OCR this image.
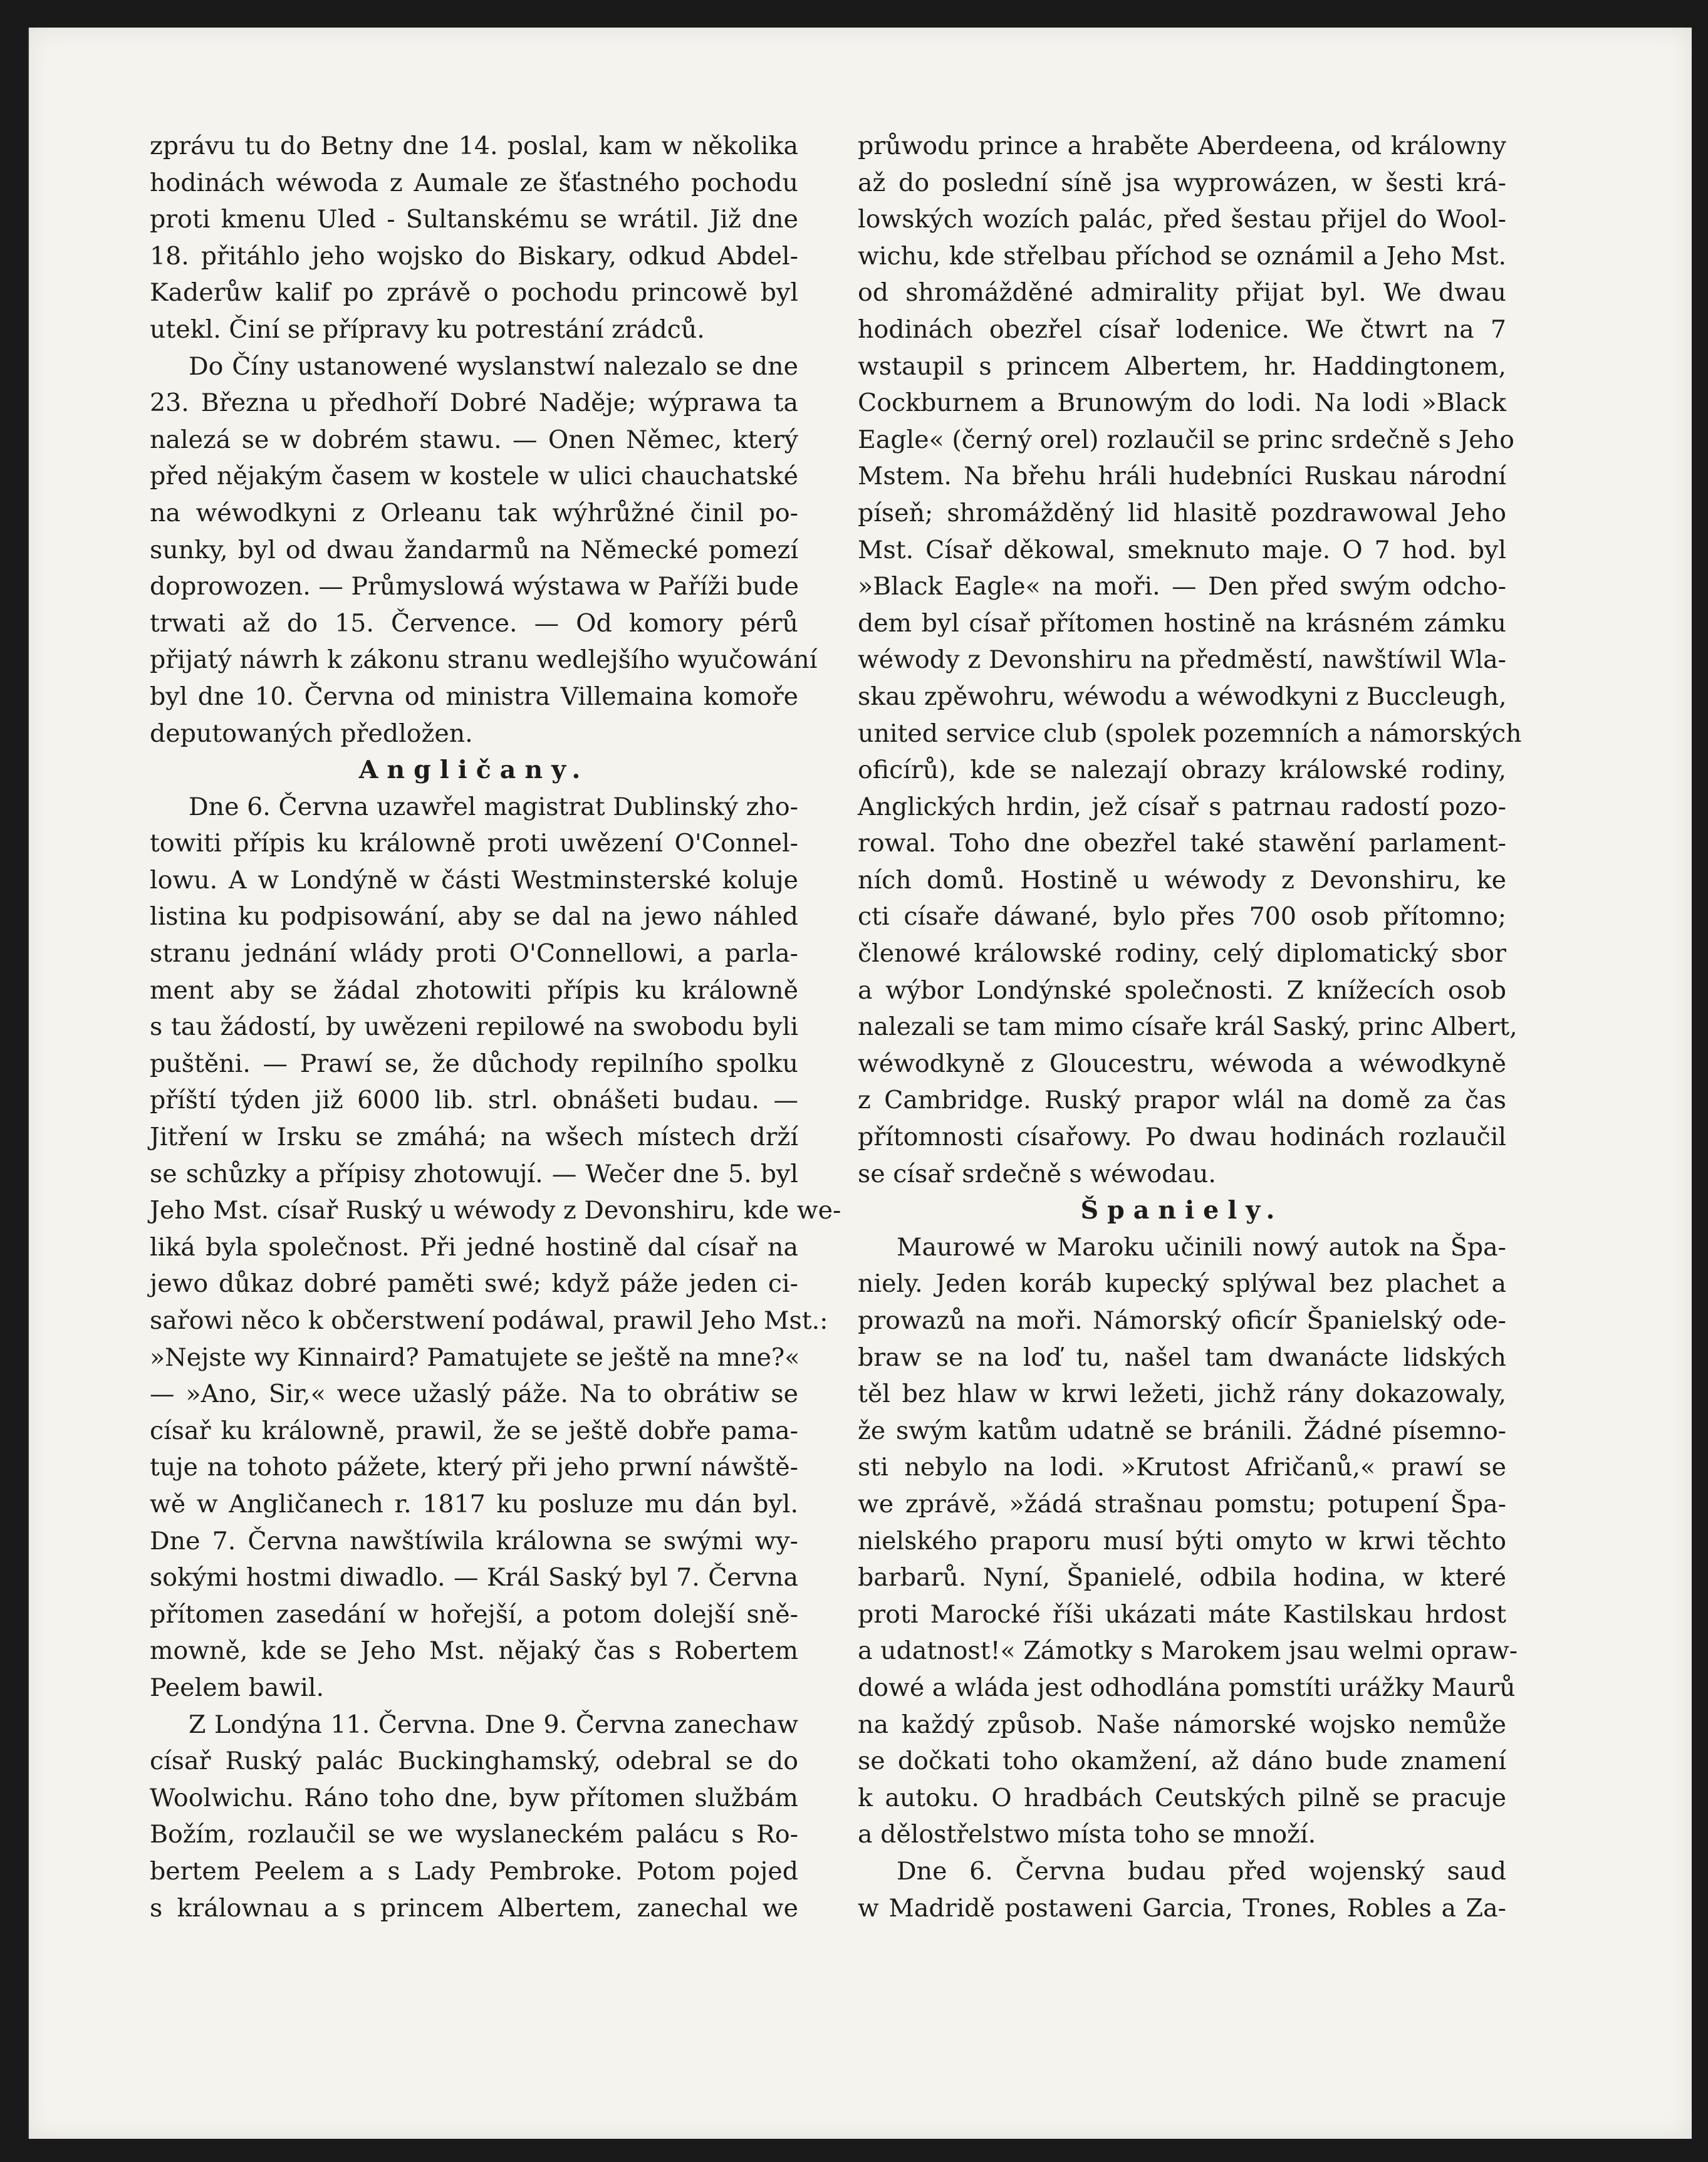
zprávu tu do Betny dne 14. poslal, kam w několika
hodinách wéwoda z Aumale ze šťastného pochodu
proti kmenu Uled - Sultanskému se wrátil. Již dne
18. přitáhlo jeho wojsko do Biskary, odkud Abdel-
Kaderůw kalif po zprávě o pochodu princowě byl
utekl. Činí se přípravy ku potrestání zrádců.
Do Číny ustanowené wyslanstwí nalezalo se dne
23. Března u předhoří Dobré Naděje; wýprawa ta
nalezá se w dobrém stawu. — Onen Němec, který
před nějakým časem w kostele w ulici chauchatské
na wéwodkyni z Orleanu tak wýhrůžné činil po-
sunky, byl od dwau žandarmů na Německé pomezí
doprowozen. — Průmyslowá wýstawa w Paříži bude
trwati až do 15. Července. — Od komory pérů
přijatý náwrh k zákonu stranu wedlejšího wyučowání
byl dne 10. Června od ministra Villemaina komoře
deputowaných předložen.
Angličany.
Dne 6. Června uzawřel magistrat Dublinský zho-
towiti přípis ku králowně proti uwězení O'Connel-
lowu. A w Londýně w části Westminsterské koluje
listina ku podpisowání, aby se dal na jewo náhled
stranu jednání wlády proti O'Connellowi, a parla-
ment aby se žádal zhotowiti přípis ku králowně
s tau žádostí, by uwězeni repilowé na swobodu byli
puštěni. — Prawí se, že důchody repilního spolku
příští týden již 6000 lib. strl. obnášeti budau. —
Jitření w Irsku se zmáhá; na wšech místech drží
se schůzky a přípisy zhotowují. — Wečer dne 5. byl
Jeho Mst. císař Ruský u wéwody z Devonshiru, kde we-
liká byla společnost. Při jedné hostině dal císař na
jewo důkaz dobré paměti swé; když páže jeden ci-
sařowi něco k občerstwení podáwal, prawil Jeho Mst.:
»Nejste wy Kinnaird? Pamatujete se ještě na mne?«
— »Ano, Sir,« wece užaslý páže. Na to obrátiw se
císař ku králowně, prawil, že se ještě dobře pama-
tuje na tohoto pážete, který při jeho prwní náwště-
wě w Angličanech r. 1817 ku posluze mu dán byl.
Dne 7. Června nawštíwila králowna se swými wy-
sokými hostmi diwadlo. — Král Saský byl 7. Června
přítomen zasedání w hořejší, a potom dolejší sně-
mowně, kde se Jeho Mst. nějaký čas s Robertem
Peelem bawil.
Z Londýna 11. Června. Dne 9. Června zanechaw
císař Ruský palác Buckinghamský, odebral se do
Woolwichu. Ráno toho dne, byw přítomen službám
Božím, rozlaučil se we wyslaneckém palácu s Ro-
bertem Peelem a s Lady Pembroke. Potom pojed
s králownau a s princem Albertem, zanechal we
průwodu prince a hraběte Aberdeena, od králowny
až do poslední síně jsa wyprowázen, w šesti krá-
lowských wozích palác, před šestau přijel do Wool-
wichu, kde střelbau příchod se oznámil a Jeho Mst.
od shromážděné admirality přijat byl. We dwau
hodinách obezřel císař lodenice. We čtwrt na 7
wstaupil s princem Albertem, hr. Haddingtonem,
Cockburnem a Brunowým do lodi. Na lodi »Black
Eagle« (černý orel) rozlaučil se princ srdečně s Jeho
Mstem. Na břehu hráli hudebníci Ruskau národní
píseň; shromážděný lid hlasitě pozdrawowal Jeho
Mst. Císař děkowal, smeknuto maje. O 7 hod. byl
»Black Eagle« na moři. — Den před swým odcho-
dem byl císař přítomen hostině na krásném zámku
wéwody z Devonshiru na předměstí, nawštíwil Wla-
skau zpěwohru, wéwodu a wéwodkyni z Buccleugh,
united service club (spolek pozemních a námorských
oficírů), kde se nalezají obrazy králowské rodiny,
Anglických hrdin, jež císař s patrnau radostí pozo-
rowal. Toho dne obezřel také stawění parlament-
ních domů. Hostině u wéwody z Devonshiru, ke
cti císaře dáwané, bylo přes 700 osob přítomno;
členowé králowské rodiny, celý diplomatický sbor
a wýbor Londýnské společnosti. Z knížecích osob
nalezali se tam mimo císaře král Saský, princ Albert,
wéwodkyně z Gloucestru, wéwoda a wéwodkyně
z Cambridge. Ruský prapor wlál na domě za čas
přítomnosti císařowy. Po dwau hodinách rozlaučil
se císař srdečně s wéwodau.
Španiely.
Maurowé w Maroku učinili nowý autok na Špa-
niely. Jeden koráb kupecký splýwal bez plachet a
prowazů na moři. Námorský oficír Španielský ode-
braw se na loď tu, našel tam dwanácte lidských
těl bez hlaw w krwi ležeti, jichž rány dokazowaly,
že swým katům udatně se bránili. Žádné písemno-
sti nebylo na lodi. »Krutost Afričanů,« prawí se
we zprávě, »žádá strašnau pomstu; potupení Špa-
nielského praporu musí býti omyto w krwi těchto
barbarů. Nyní, Španielé, odbila hodina, w které
proti Marocké říši ukázati máte Kastilskau hrdost
a udatnost!« Zámotky s Marokem jsau welmi opraw-
dowé a wláda jest odhodlána pomstíti urážky Maurů
na každý způsob. Naše námorské wojsko nemůže
se dočkati toho okamžení, až dáno bude znamení
k autoku. O hradbách Ceutských pilně se pracuje
a dělostřelstwo místa toho se množí.
Dne 6. Června budau před wojenský saud
w Madridě postaweni Garcia, Trones, Robles a Za-
